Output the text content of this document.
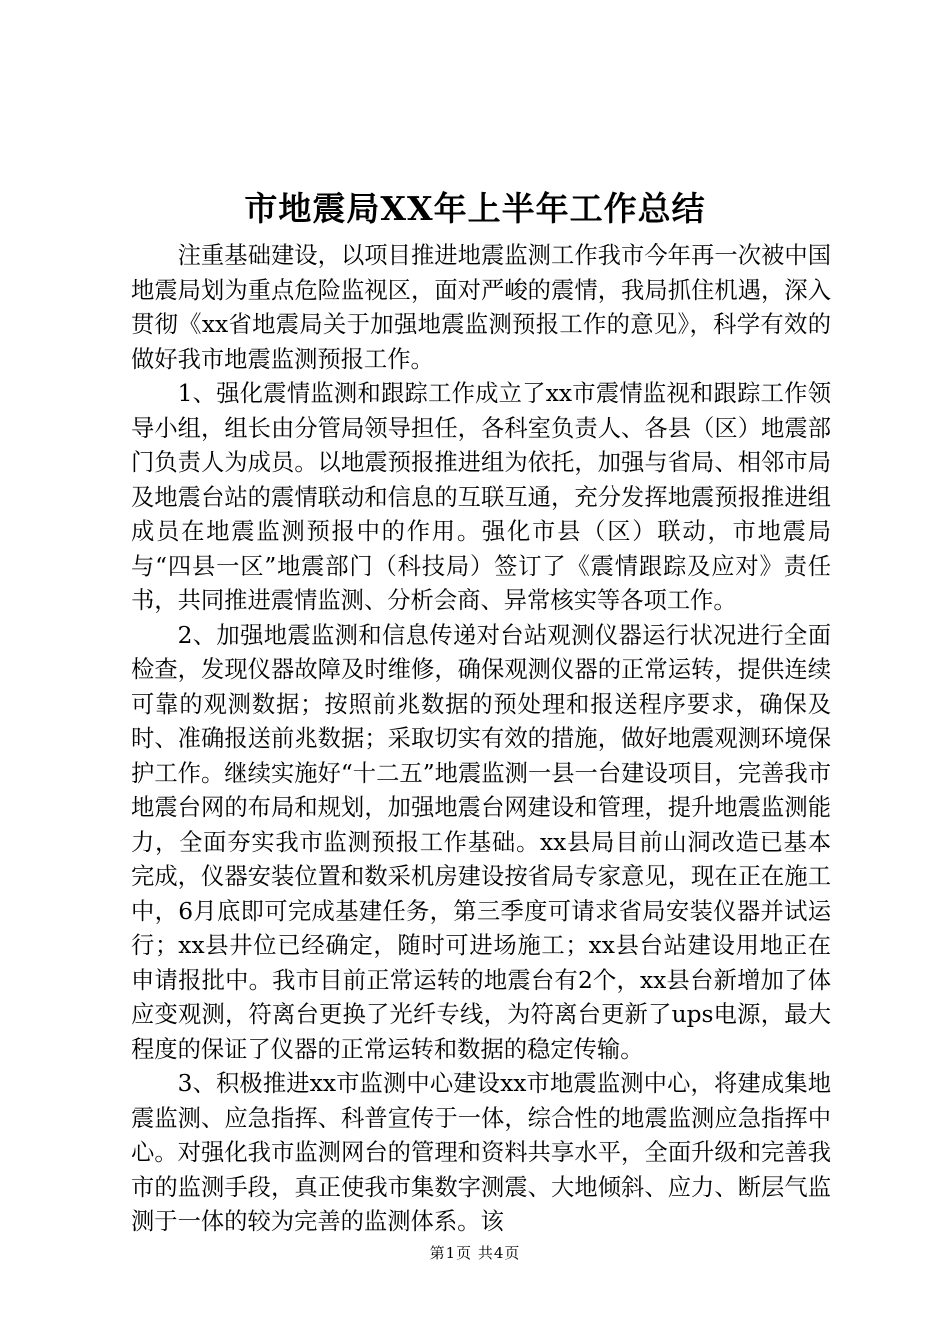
市地震局XX年上半年工作总结

注重基础建设，以项目推进地震监测工作我市今年再一次被中国地震局划为重点危险监视区，面对严峻的震情，我局抓住机遇，深入贯彻《xx省地震局关于加强地震监测预报工作的意见》，科学有效的做好我市地震监测预报工作。

1、强化震情监测和跟踪工作成立了xx市震情监视和跟踪工作领导小组，组长由分管局领导担任，各科室负责人、各县（区）地震部门负责人为成员。以地震预报推进组为依托，加强与省局、相邻市局及地震台站的震情联动和信息的互联互通，充分发挥地震预报推进组成员在地震监测预报中的作用。强化市县（区）联动，市地震局与“四县一区”地震部门（科技局）签订了《震情跟踪及应对》责任书，共同推进震情监测、分析会商、异常核实等各项工作。

2、加强地震监测和信息传递对台站观测仪器运行状况进行全面检查，发现仪器故障及时维修，确保观测仪器的正常运转，提供连续可靠的观测数据；按照前兆数据的预处理和报送程序要求，确保及时、准确报送前兆数据；采取切实有效的措施，做好地震观测环境保护工作。继续实施好“十二五”地震监测一县一台建设项目，完善我市地震台网的布局和规划，加强地震台网建设和管理，提升地震监测能力，全面夯实我市监测预报工作基础。xx县局目前山洞改造已基本完成，仪器安装位置和数采机房建设按省局专家意见，现在正在施工中，6月底即可完成基建任务，第三季度可请求省局安装仪器并试运行；xx县井位已经确定，随时可进场施工；xx县台站建设用地正在申请报批中。我市目前正常运转的地震台有2个，xx县台新增加了体应变观测，符离台更换了光纤专线，为符离台更新了ups电源，最大程度的保证了仪器的正常运转和数据的稳定传输。

3、积极推进xx市监测中心建设xx市地震监测中心，将建成集地震监测、应急指挥、科普宣传于一体，综合性的地震监测应急指挥中心。对强化我市监测网台的管理和资料共享水平，全面升级和完善我市的监测手段，真正使我市集数字测震、大地倾斜、应力、断层气监测于一体的较为完善的监测体系。该

第1页 共4页
